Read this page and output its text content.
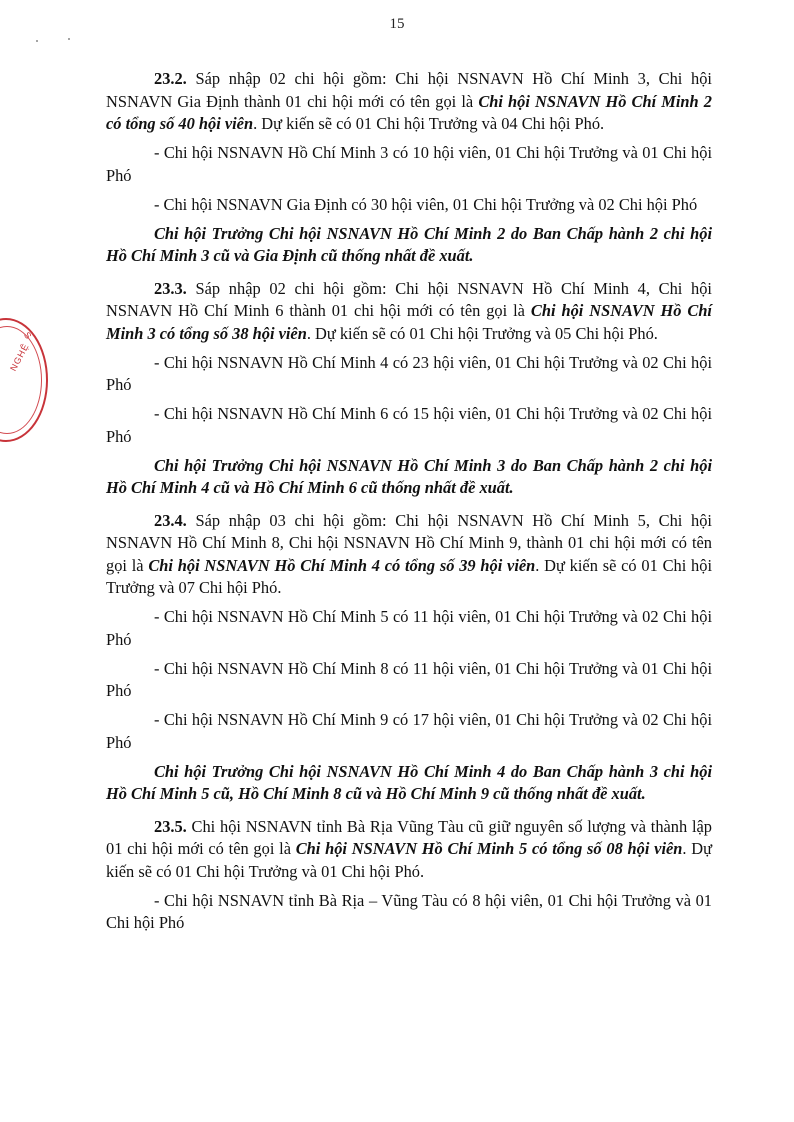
15
NGHỆ
S

23.2. Sáp nhập 02 chi hội gồm: Chi hội NSNAVN Hồ Chí Minh 3, Chi hội NSNAVN Gia Định thành 01 chi hội mới có tên gọi là Chi hội NSNAVN Hồ Chí Minh 2 có tổng số 40 hội viên. Dự kiến sẽ có 01 Chi hội Trưởng và 04 Chi hội Phó.

- Chi hội NSNAVN Hồ Chí Minh 3 có 10 hội viên, 01 Chi hội Trưởng và 01 Chi hội Phó

- Chi hội NSNAVN Gia Định có 30 hội viên, 01 Chi hội Trưởng và 02 Chi hội Phó

Chi hội Trưởng Chi hội NSNAVN Hồ Chí Minh 2 do Ban Chấp hành 2 chi hội Hồ Chí Minh 3 cũ và Gia Định cũ thống nhất đề xuất.

23.3. Sáp nhập 02 chi hội gồm: Chi hội NSNAVN Hồ Chí Minh 4, Chi hội NSNAVN Hồ Chí Minh 6 thành 01 chi hội mới có tên gọi là Chi hội NSNAVN Hồ Chí Minh 3 có tổng số 38 hội viên. Dự kiến sẽ có 01 Chi hội Trưởng và 05 Chi hội Phó.

- Chi hội NSNAVN Hồ Chí Minh 4 có 23 hội viên, 01 Chi hội Trưởng và 02 Chi hội Phó

- Chi hội NSNAVN Hồ Chí Minh 6 có 15 hội viên, 01 Chi hội Trưởng và 02 Chi hội Phó

Chi hội Trưởng Chi hội NSNAVN Hồ Chí Minh 3 do Ban Chấp hành 2 chi hội Hồ Chí Minh 4 cũ và Hồ Chí Minh 6 cũ thống nhất đề xuất.

23.4. Sáp nhập 03 chi hội gồm: Chi hội NSNAVN Hồ Chí Minh 5, Chi hội NSNAVN Hồ Chí Minh 8, Chi hội NSNAVN Hồ Chí Minh 9, thành 01 chi hội mới có tên gọi là Chi hội NSNAVN Hồ Chí Minh 4 có tổng số 39 hội viên. Dự kiến sẽ có 01 Chi hội Trưởng và 07 Chi hội Phó.

- Chi hội NSNAVN Hồ Chí Minh 5 có 11 hội viên, 01 Chi hội Trưởng và 02 Chi hội Phó

- Chi hội NSNAVN Hồ Chí Minh 8 có 11 hội viên, 01 Chi hội Trưởng và 01 Chi hội Phó

- Chi hội NSNAVN Hồ Chí Minh 9 có 17 hội viên, 01 Chi hội Trưởng và 02 Chi hội Phó

Chi hội Trưởng Chi hội NSNAVN Hồ Chí Minh 4 do Ban Chấp hành 3 chi hội Hồ Chí Minh 5 cũ, Hồ Chí Minh 8 cũ và Hồ Chí Minh 9 cũ thống nhất đề xuất.

23.5. Chi hội NSNAVN tỉnh Bà Rịa Vũng Tàu cũ giữ nguyên số lượng và thành lập 01 chi hội mới có tên gọi là Chi hội NSNAVN Hồ Chí Minh 5 có tổng số 08 hội viên. Dự kiến sẽ có 01 Chi hội Trưởng và 01 Chi hội Phó.

- Chi hội NSNAVN tỉnh Bà Rịa – Vũng Tàu có 8 hội viên, 01 Chi hội Trưởng và 01 Chi hội Phó
